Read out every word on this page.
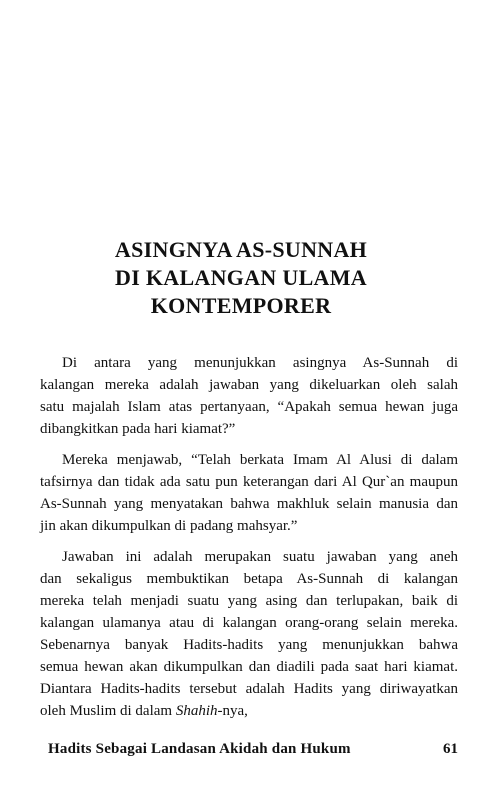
ASINGNYA AS-SUNNAH
DI KALANGAN ULAMA
KONTEMPORER

Di antara yang menunjukkan asingnya As-Sunnah di
kalangan mereka adalah jawaban yang dikeluarkan oleh salah
satu majalah Islam atas pertanyaan, “Apakah semua hewan juga
dibangkitkan pada hari kiamat?”

Mereka menjawab, “Telah berkata Imam Al Alusi di dalam
tafsirnya dan tidak ada satu pun keterangan dari Al Qur`an maupun
As-Sunnah yang menyatakan bahwa makhluk selain manusia dan
jin akan dikumpulkan di padang mahsyar.”

Jawaban ini adalah merupakan suatu jawaban yang aneh
dan sekaligus membuktikan betapa As-Sunnah di kalangan
mereka telah menjadi suatu yang asing dan terlupakan, baik di
kalangan ulamanya atau di kalangan orang-orang selain mereka.
Sebenarnya banyak Hadits-hadits yang menunjukkan bahwa
semua hewan akan dikumpulkan dan diadili pada saat hari kiamat.
Diantara Hadits-hadits tersebut adalah Hadits yang diriwayatkan
oleh Muslim di dalam Shahih-nya,

Hadits Sebagai Landasan Akidah dan Hukum	61
